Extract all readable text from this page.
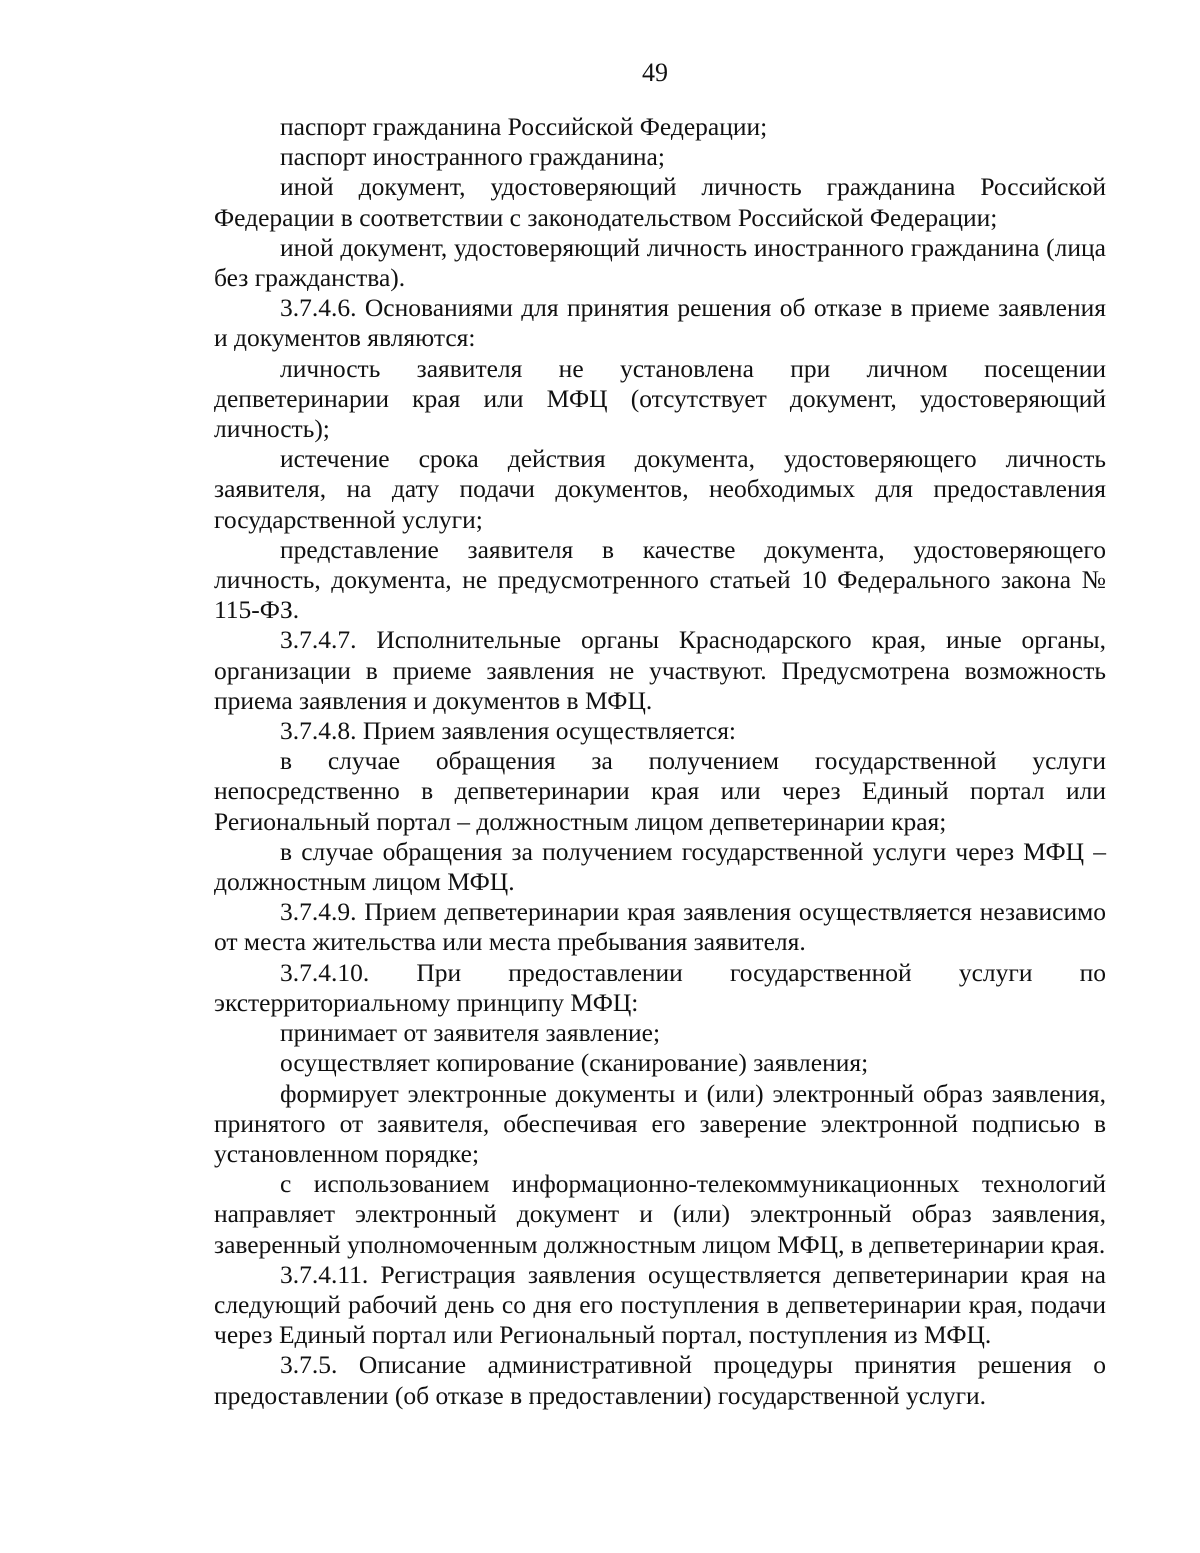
49

паспорт гражданина Российской Федерации;

паспорт иностранного гражданина;

иной документ, удостоверяющий личность гражданина Российской Федерации в соответствии с законодательством Российской Федерации;

иной документ, удостоверяющий личность иностранного гражданина (лица без гражданства).

3.7.4.6. Основаниями для принятия решения об отказе в приеме заявления и документов являются:

личность заявителя не установлена при личном посещении депветеринарии края или МФЦ (отсутствует документ, удостоверяющий личность);

истечение срока действия документа, удостоверяющего личность заявителя, на дату подачи документов, необходимых для предоставления государственной услуги;

представление заявителя в качестве документа, удостоверяющего личность, документа, не предусмотренного статьей 10 Федерального закона № 115-ФЗ.

3.7.4.7. Исполнительные органы Краснодарского края, иные органы, организации в приеме заявления не участвуют. Предусмотрена возможность приема заявления и документов в МФЦ.

3.7.4.8. Прием заявления осуществляется:

в случае обращения за получением государственной услуги непосредственно в депветеринарии края или через Единый портал или Региональный портал – должностным лицом депветеринарии края;

в случае обращения за получением государственной услуги через МФЦ – должностным лицом МФЦ.

3.7.4.9. Прием депветеринарии края заявления осуществляется независимо от места жительства или места пребывания заявителя.

3.7.4.10. При предоставлении государственной услуги по экстерриториальному принципу МФЦ:

принимает от заявителя заявление;

осуществляет копирование (сканирование) заявления;

формирует электронные документы и (или) электронный образ заявления, принятого от заявителя, обеспечивая его заверение электронной подписью в установленном порядке;

с использованием информационно-телекоммуникационных технологий направляет электронный документ и (или) электронный образ заявления, заверенный уполномоченным должностным лицом МФЦ, в депветеринарии края.

3.7.4.11. Регистрация заявления осуществляется депветеринарии края на следующий рабочий день со дня его поступления в депветеринарии края, подачи через Единый портал или Региональный портал, поступления из МФЦ.

3.7.5. Описание административной процедуры принятия решения о предоставлении (об отказе в предоставлении) государственной услуги.
